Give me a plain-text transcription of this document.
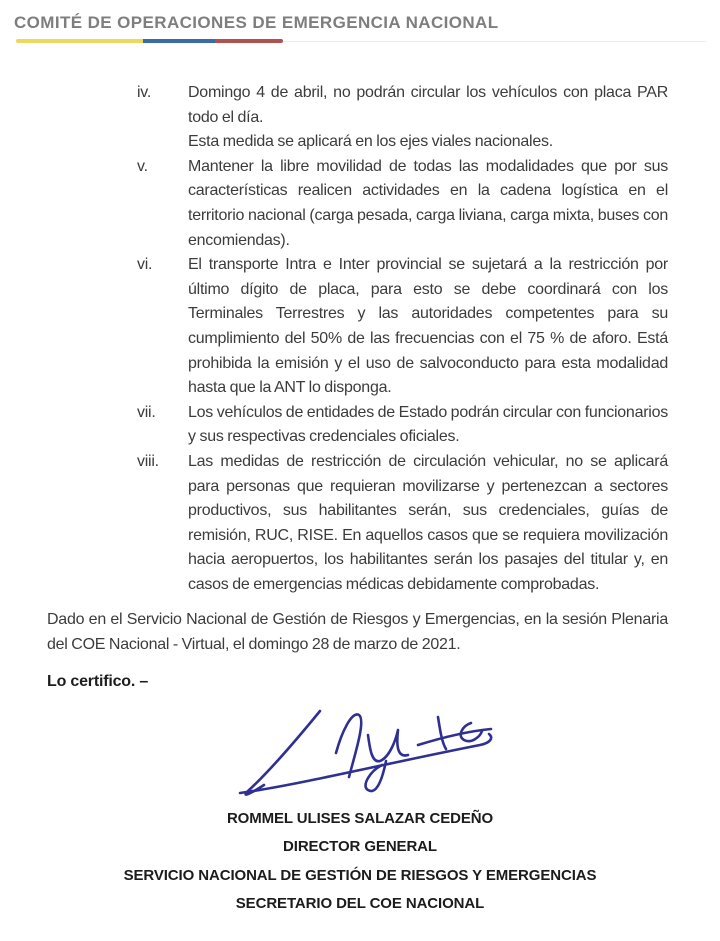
COMITÉ DE OPERACIONES DE EMERGENCIA NACIONAL
iv.	Domingo 4 de abril, no podrán circular los vehículos con placa PAR todo el día.

Esta medida se aplicará en los ejes viales nacionales.

v.	Mantener la libre movilidad de todas las modalidades que por sus características realicen actividades en la cadena logística en el territorio nacional (carga pesada, carga liviana, carga mixta, buses con encomiendas).

vi.	El transporte Intra e Inter provincial se sujetará a la restricción por último dígito de placa, para esto se debe coordinará con los Terminales Terrestres y las autoridades competentes para su cumplimiento del 50% de las frecuencias con el 75 % de aforo. Está prohibida la emisión y el uso de salvoconducto para esta modalidad hasta que la ANT lo disponga.

vii.	Los vehículos de entidades de Estado podrán circular con funcionarios y sus respectivas credenciales oficiales.

viii.	Las medidas de restricción de circulación vehicular, no se aplicará para personas que requieran movilizarse y pertenezcan a sectores productivos, sus habilitantes serán, sus credenciales, guías de remisión, RUC, RISE. En aquellos casos que se requiera movilización hacia aeropuertos, los habilitantes serán los pasajes del titular y, en casos de emergencias médicas debidamente comprobadas.

Dado en el Servicio Nacional de Gestión de Riesgos y Emergencias, en la sesión Plenaria del COE Nacional - Virtual, el domingo 28 de marzo de 2021.

Lo certifico. –

ROMMEL ULISES SALAZAR CEDEÑO

DIRECTOR GENERAL

SERVICIO NACIONAL DE GESTIÓN DE RIESGOS Y EMERGENCIAS

SECRETARIO DEL COE NACIONAL
